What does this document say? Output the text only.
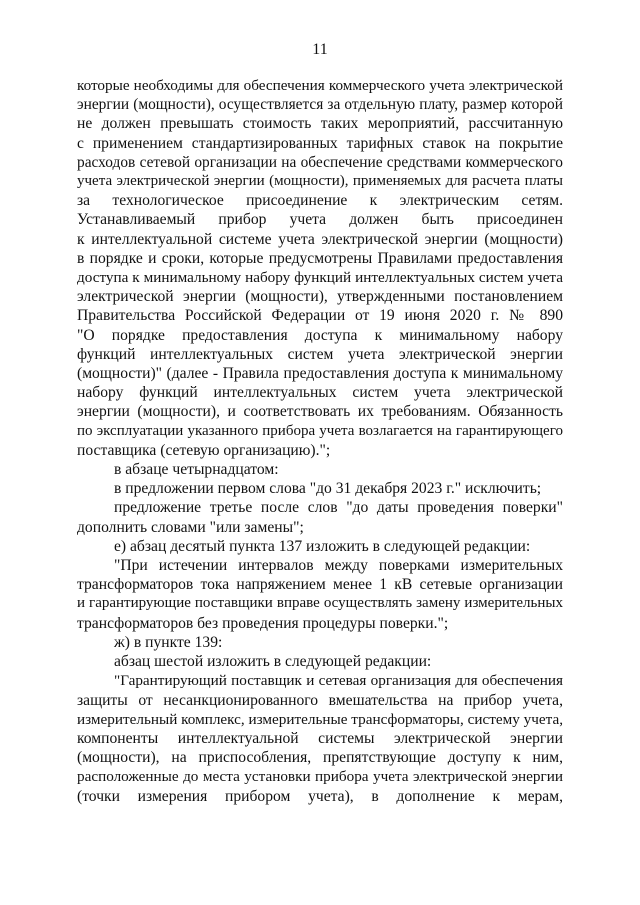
11
которые необходимы для обеспечения коммерческого учета электрической
энергии (мощности), осуществляется за отдельную плату, размер которой
не должен превышать стоимость таких мероприятий, рассчитанную
с применением стандартизированных тарифных ставок на покрытие
расходов сетевой организации на обеспечение средствами коммерческого
учета электрической энергии (мощности), применяемых для расчета платы
за технологическое присоединение к электрическим сетям.
Устанавливаемый прибор учета должен быть присоединен
к интеллектуальной системе учета электрической энергии (мощности)
в порядке и сроки, которые предусмотрены Правилами предоставления
доступа к минимальному набору функций интеллектуальных систем учета
электрической энергии (мощности), утвержденными постановлением
Правительства Российской Федерации от 19 июня 2020 г. № 890
"О порядке предоставления доступа к минимальному набору
функций интеллектуальных систем учета электрической энергии
(мощности)" (далее - Правила предоставления доступа к минимальному
набору функций интеллектуальных систем учета электрической
энергии (мощности), и соответствовать их требованиям. Обязанность
по эксплуатации указанного прибора учета возлагается на гарантирующего
поставщика (сетевую организацию).";
в абзаце четырнадцатом:
в предложении первом слова "до 31 декабря 2023 г." исключить;
предложение третье после слов "до даты проведения поверки"
дополнить словами "или замены";
е) абзац десятый пункта 137 изложить в следующей редакции:
"При истечении интервалов между поверками измерительных
трансформаторов тока напряжением менее 1 кВ сетевые организации
и гарантирующие поставщики вправе осуществлять замену измерительных
трансформаторов без проведения процедуры поверки.";
ж) в пункте 139:
абзац шестой изложить в следующей редакции:
"Гарантирующий поставщик и сетевая организация для обеспечения
защиты от несанкционированного вмешательства на прибор учета,
измерительный комплекс, измерительные трансформаторы, систему учета,
компоненты интеллектуальной системы электрической энергии
(мощности), на приспособления, препятствующие доступу к ним,
расположенные до места установки прибора учета электрической энергии
(точки измерения прибором учета), в дополнение к мерам,
